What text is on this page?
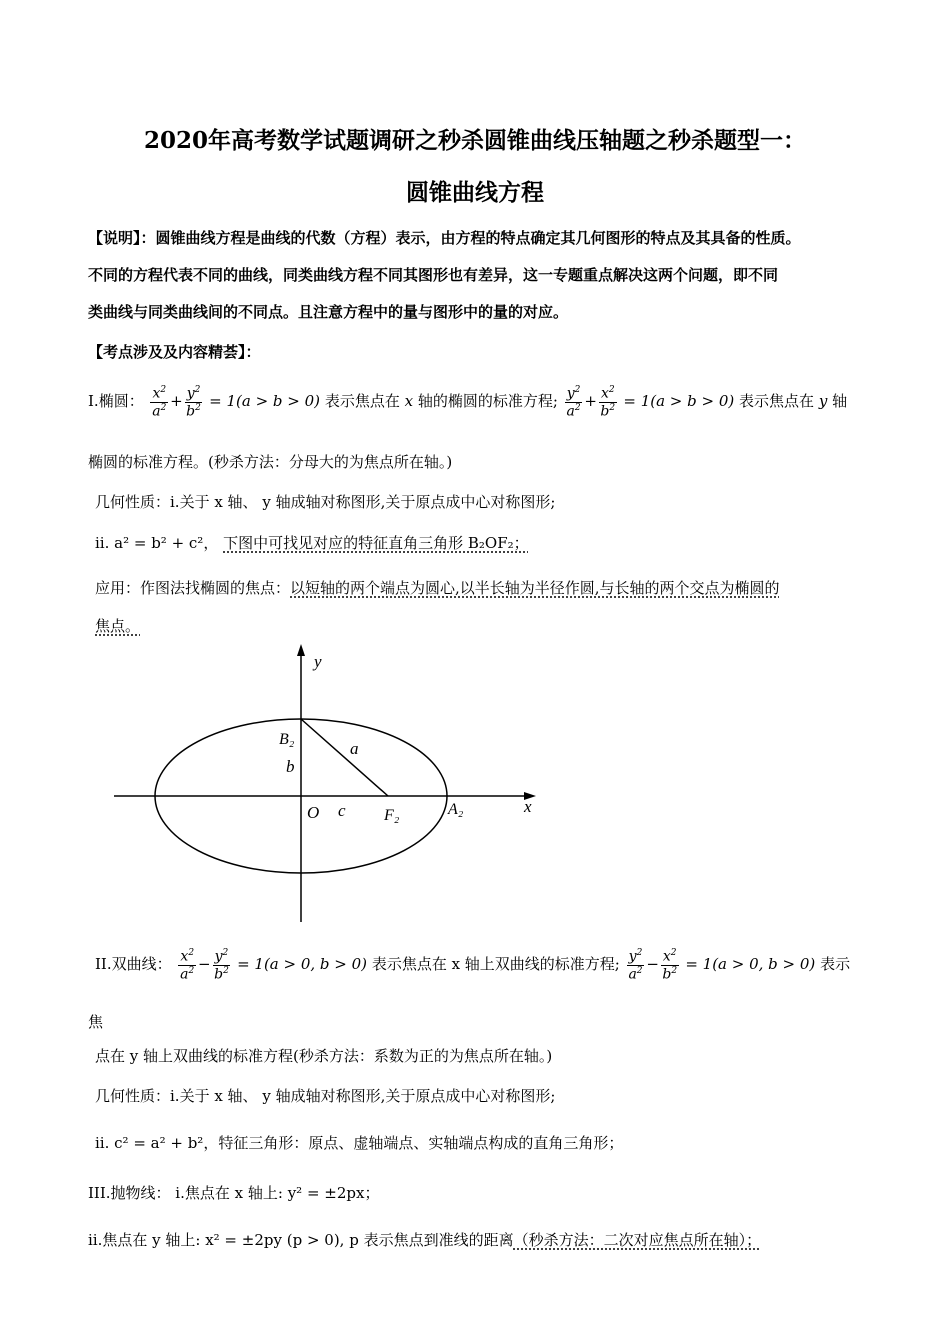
2020年高考数学试题调研之秒杀圆锥曲线压轴题之秒杀题型一：
圆锥曲线方程
【说明】：圆锥曲线方程是曲线的代数（方程）表示，由方程的特点确定其几何图形的特点及其具备的性质。
不同的方程代表不同的曲线，同类曲线方程不同其图形也有差异，这一专题重点解决这两个问题，即不同
类曲线与同类曲线间的不同点。且注意方程中的量与图形中的量的对应。
【考点涉及及内容精荟】：
I.椭圆： $\frac{x^2}{a^2} + \frac{y^2}{b^2} = 1(a > b > 0)$ 表示焦点在 x 轴的椭圆的标准方程; $\frac{y^2}{a^2} + \frac{x^2}{b^2} = 1(a > b > 0)$ 表示焦点在 y 轴
椭圆的标准方程。(秒杀方法：分母大的为焦点所在轴。)
几何性质：ⅰ.关于 x 轴、 y 轴成轴对称图形,关于原点成中心对称图形;
ⅱ. a² = b² + c²， 下图中可找见对应的特征直角三角形 B₂OF₂；
应用：作图法找椭圆的焦点：以短轴的两个端点为圆心,以半长轴为半径作圆,与长轴的两个交点为椭圆的
焦点。
y
x
B₂	a
b
O c F₂	A₂
II.双曲线： $\frac{x^2}{a^2} - \frac{y^2}{b^2} = 1(a > 0$, b > 0) 表示焦点在 x 轴上双曲线的标准方程; $\frac{y^2}{a^2} - \frac{x^2}{b^2} = 1(a > 0$, b > 0) 表示
焦
点在 y 轴上双曲线的标准方程(秒杀方法：系数为正的为焦点所在轴。)
几何性质：ⅰ.关于 x 轴、 y 轴成轴对称图形,关于原点成中心对称图形;
ⅱ. c² = a² + b²，特征三角形：原点、虚轴端点、实轴端点构成的直角三角形；
III.抛物线： ⅰ.焦点在 x 轴上: y² = ±2px；
ⅱ.焦点在 y 轴上: x² = ±2py (p > 0), p 表示焦点到准线的距离（秒杀方法：二次对应焦点所在轴）；
